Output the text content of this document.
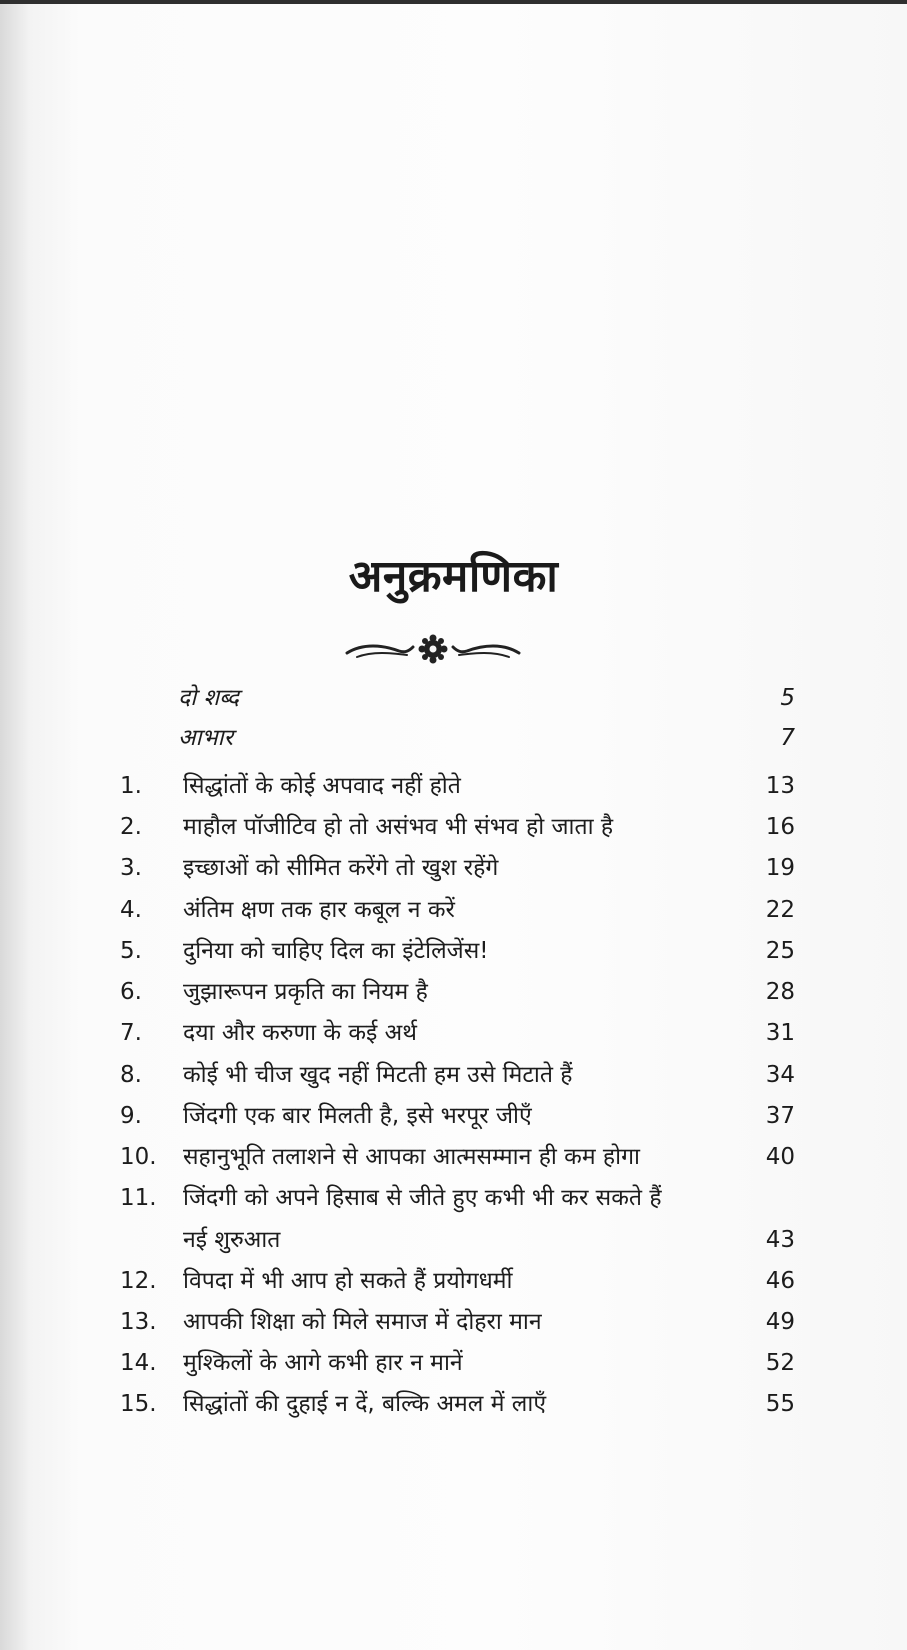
अनुक्रमणिका
दो शब्द	5
आभार	7
1.	सिद्धांतों के कोई अपवाद नहीं होते	13
2.	माहौल पॉजीटिव हो तो असंभव भी संभव हो जाता है	16
3.	इच्छाओं को सीमित करेंगे तो खुश रहेंगे	19
4.	अंतिम क्षण तक हार कबूल न करें	22
5.	दुनिया को चाहिए दिल का इंटेलिजेंस!	25
6.	जुझारूपन प्रकृति का नियम है	28
7.	दया और करुणा के कई अर्थ	31
8.	कोई भी चीज खुद नहीं मिटती हम उसे मिटाते हैं	34
9.	जिंदगी एक बार मिलती है, इसे भरपूर जीएँ	37
10.	सहानुभूति तलाशने से आपका आत्मसम्मान ही कम होगा	40
11.	जिंदगी को अपने हिसाब से जीते हुए कभी भी कर सकते हैं
नई शुरुआत	43
12.	विपदा में भी आप हो सकते हैं प्रयोगधर्मी	46
13.	आपकी शिक्षा को मिले समाज में दोहरा मान	49
14.	मुश्किलों के आगे कभी हार न मानें	52
15.	सिद्धांतों की दुहाई न दें, बल्कि अमल में लाएँ	55
